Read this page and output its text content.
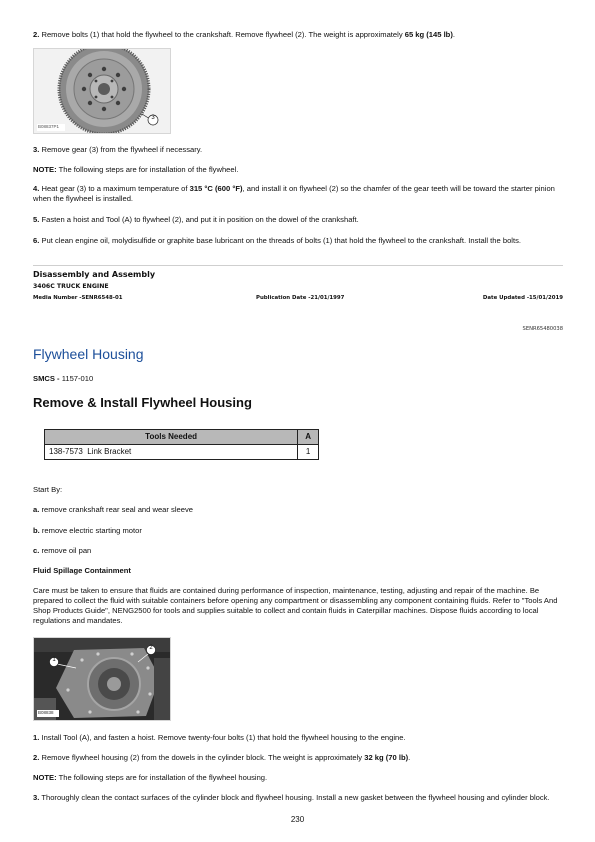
2. Remove bolts (1) that hold the flywheel to the crankshaft. Remove flywheel (2). The weight is approximately 65 kg (145 lb).

3
B08837P1

3. Remove gear (3) from the flywheel if necessary.

NOTE: The following steps are for installation of the flywheel.

4. Heat gear (3) to a maximum temperature of 315 °C (600 °F), and install it on flywheel (2) so the chamfer of the gear teeth will be toward the starter pinion when the flywheel is installed.

5. Fasten a hoist and Tool (A) to flywheel (2), and put it in position on the dowel of the crankshaft.

6. Put clean engine oil, molydisulfide or graphite base lubricant on the threads of bolts (1) that hold the flywheel to the crankshaft. Install the bolts.

Disassembly and Assembly
3406C TRUCK ENGINE
Media Number -SENR6548-01	Publication Date -21/01/1997	Date Updated -15/01/2019
SENR65480038
Flywheel Housing

SMCS - 1157-010

Remove & Install Flywheel Housing
Tools Needed	A
138-7573  Link Bracket	1

Start By:

a. remove crankshaft rear seal and wear sleeve

b. remove electric starting motor

c. remove oil pan

Fluid Spillage Containment

Care must be taken to ensure that fluids are contained during performance of inspection, maintenance, testing, adjusting and repair of the machine. Be prepared to collect the fluid with suitable containers before opening any compartment or disassembling any component containing fluids. Refer to "Tools And Shop Products Guide", NENG2500 for tools and supplies suitable to collect and contain fluids in Caterpillar machines. Dispose fluids according to local regulations and mandates.

1
2
B08838

1. Install Tool (A), and fasten a hoist. Remove twenty-four bolts (1) that hold the flywheel housing to the engine.

2. Remove flywheel housing (2) from the dowels in the cylinder block. The weight is approximately 32 kg (70 lb).

NOTE: The following steps are for installation of the flywheel housing.

3. Thoroughly clean the contact surfaces of the cylinder block and flywheel housing. Install a new gasket between the flywheel housing and cylinder block.

230
